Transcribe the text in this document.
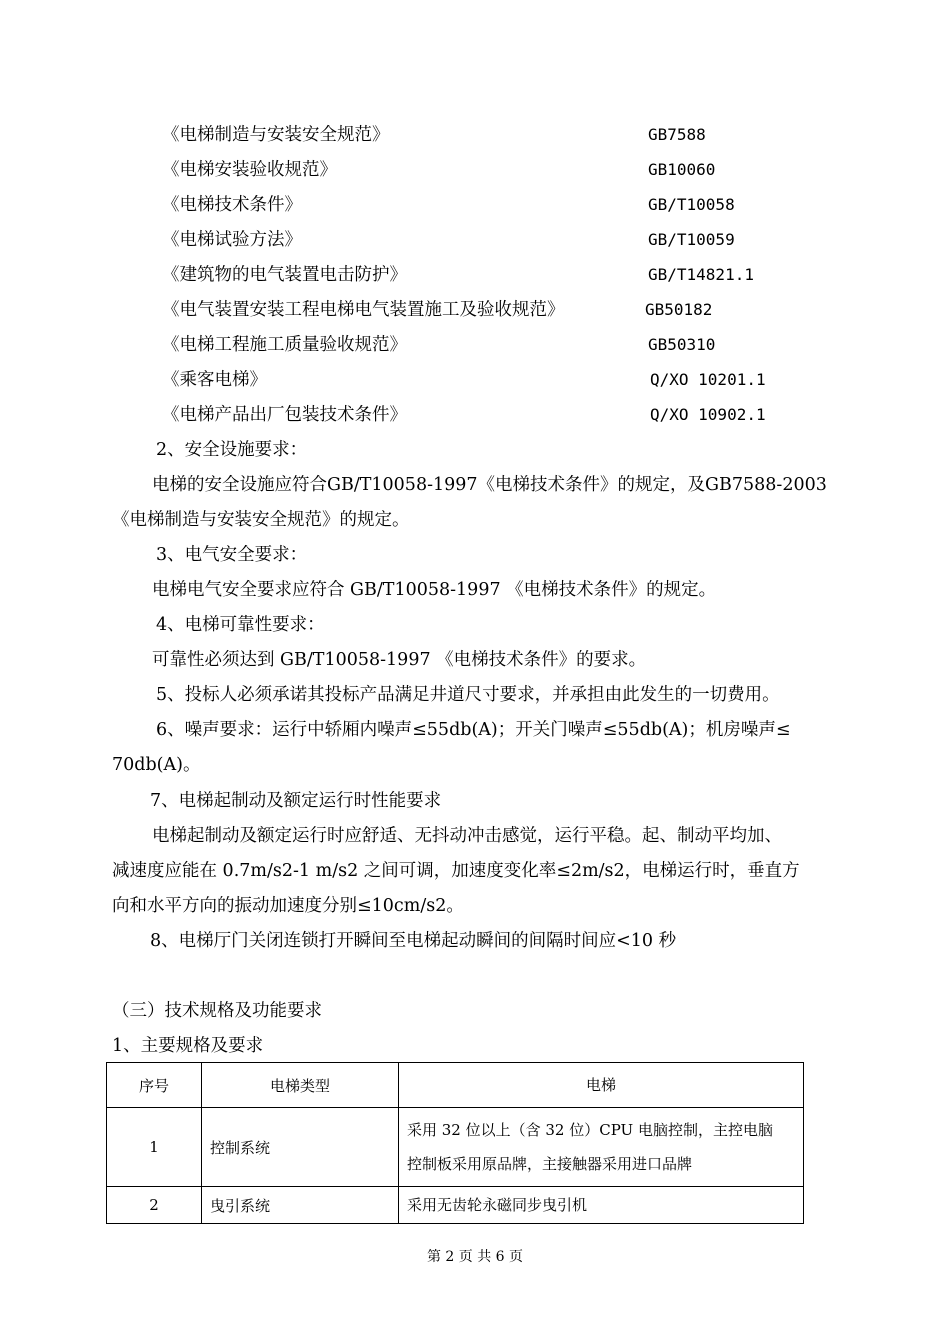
《电梯制造与安装安全规范》	GB7588
《电梯安装验收规范》	GB10060
《电梯技术条件》	GB/T10058
《电梯试验方法》	GB/T10059
《建筑物的电气装置电击防护》	GB/T14821.1
《电气装置安装工程电梯电气装置施工及验收规范》	GB50182
《电梯工程施工质量验收规范》	GB50310
《乘客电梯》	Q/XO 10201.1
《电梯产品出厂包装技术条件》	Q/XO 10902.1
2、安全设施要求：
电梯的安全设施应符合GB/T10058-1997《电梯技术条件》的规定，及GB7588-2003
《电梯制造与安装安全规范》的规定。
3、电气安全要求：
电梯电气安全要求应符合 GB/T10058-1997 《电梯技术条件》的规定。
4、电梯可靠性要求：
可靠性必须达到 GB/T10058-1997 《电梯技术条件》的要求。
5、投标人必须承诺其投标产品满足井道尺寸要求，并承担由此发生的一切费用。
6、噪声要求：运行中轿厢内噪声≤55db(A)；开关门噪声≤55db(A)；机房噪声≤
70db(A)。
7、电梯起制动及额定运行时性能要求
电梯起制动及额定运行时应舒适、无抖动冲击感觉，运行平稳。起、制动平均加、
减速度应能在 0.7m/s2-1 m/s2 之间可调，加速度变化率≤2m/s2，电梯运行时，垂直方
向和水平方向的振动加速度分别≤10cm/s2。
8、电梯厅门关闭连锁打开瞬间至电梯起动瞬间的间隔时间应<10 秒
（三）技术规格及功能要求
1、主要规格及要求
序号	电梯类型	电梯
1	控制系统	采用 32 位以上（含 32 位）CPU 电脑控制，主控电脑
控制板采用原品牌，主接触器采用进口品牌

2	曳引系统	采用无齿轮永磁同步曳引机
第 2 页 共 6 页
